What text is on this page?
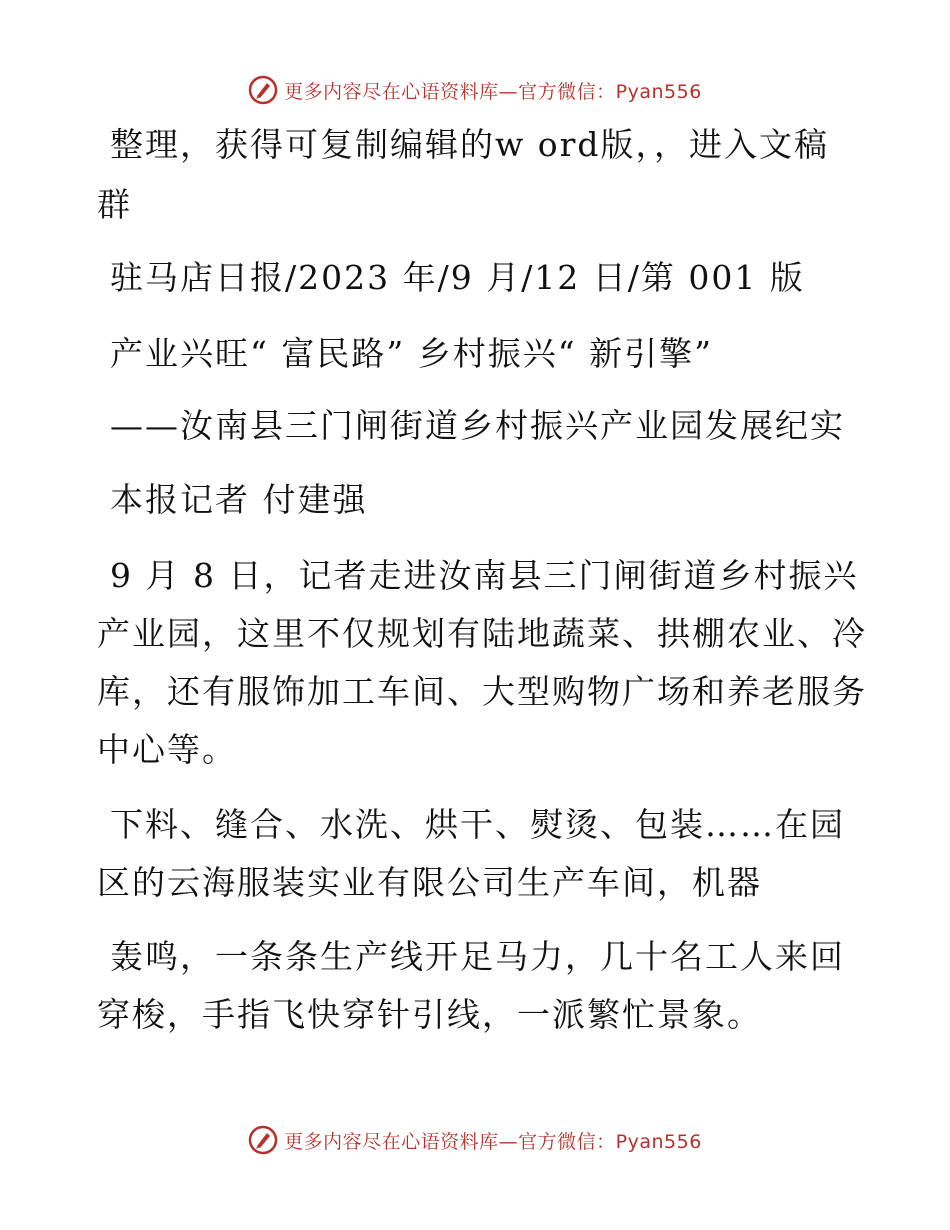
更多内容尽在心语资料库—官方微信：Pyan556
整理，获得可复制编辑的w ord版，，进入文稿
群
驻马店日报/2023 年/9 月/12 日/第 001 版
产业兴旺“ 富民路” 乡村振兴“ 新引擎”
——汝南县三门闸街道乡村振兴产业园发展纪实
本报记者 付建强
9 月 8 日，记者走进汝南县三门闸街道乡村振兴
产业园，这里不仅规划有陆地蔬菜、拱棚农业、冷
库，还有服饰加工车间、大型购物广场和养老服务
中心等。
下料、缝合、水洗、烘干、熨烫、包装……在园
区的云海服装实业有限公司生产车间，机器
轰鸣，一条条生产线开足马力，几十名工人来回
穿梭，手指飞快穿针引线，一派繁忙景象。
更多内容尽在心语资料库—官方微信：Pyan556
